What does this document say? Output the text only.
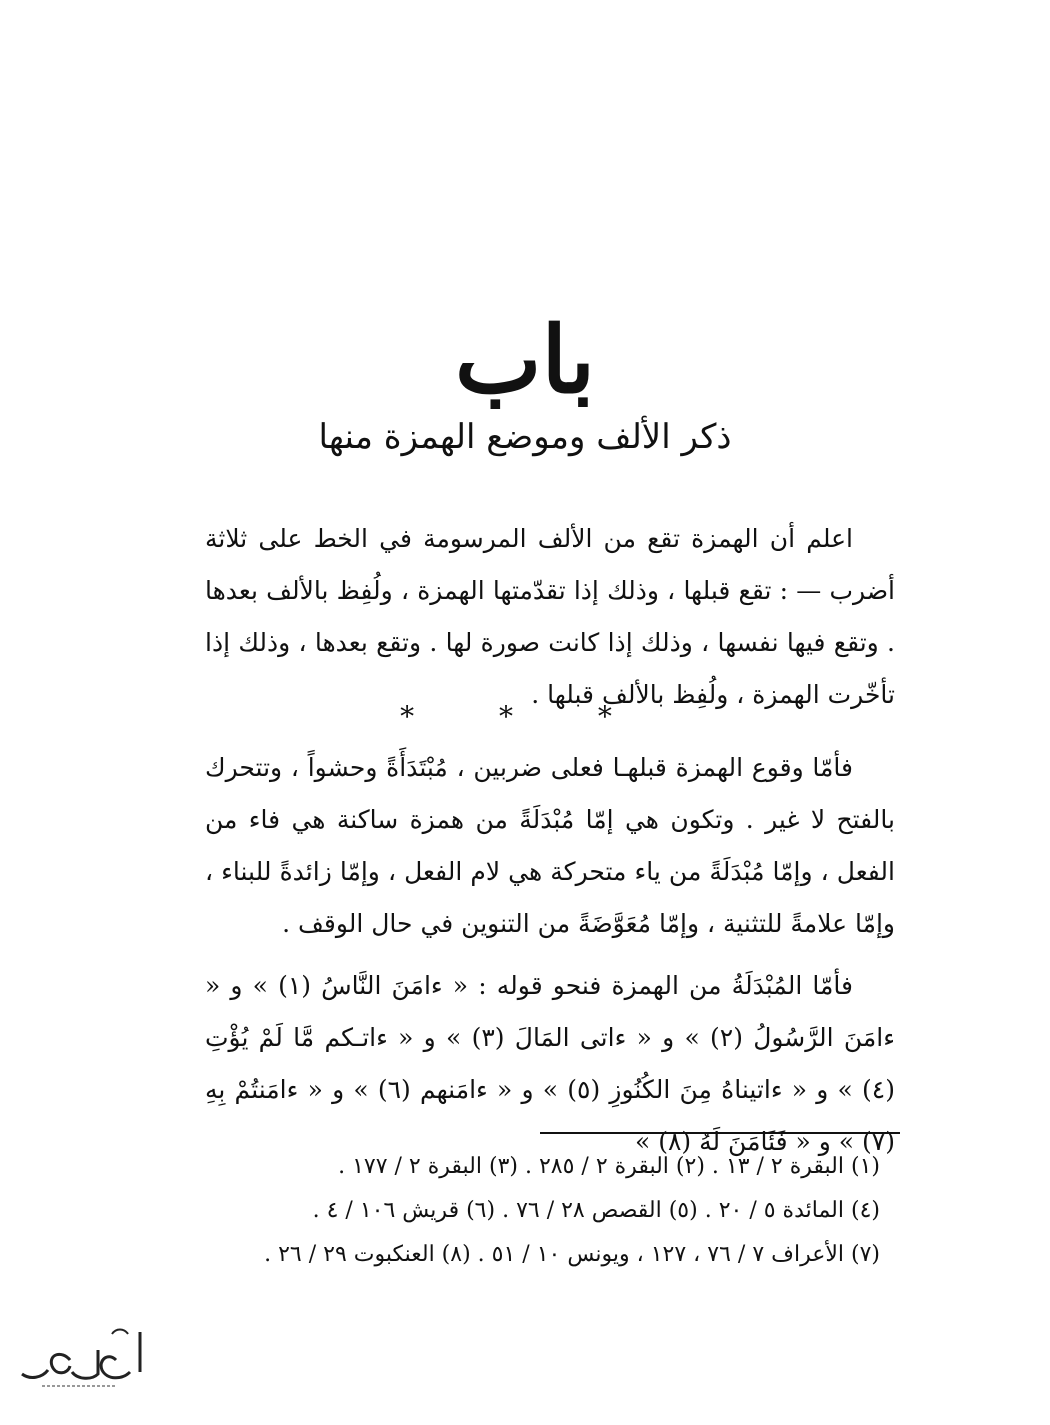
باب
ذكر الألف وموضع الهمزة منها

اعلم أن الهمزة تقع من الألف المرسومة في الخط على ثلاثة أضرب — : تقع قبلها ، وذلك إذا تقدّمتها الهمزة ، ولُفِظ بالألف بعدها . وتقع فيها نفسها ، وذلك إذا كانت صورة لها . وتقع بعدها ، وذلك إذا تأخّرت الهمزة ، ولُفِظ بالألف قبلها .

* * *

فأمّا وقوع الهمزة قبلهـا فعلى ضربين ، مُبْتَدَأَةً وحشواً ، وتتحرك بالفتح لا غير . وتكون هي إمّا مُبْدَلَةً من همزة ساكنة هي فاء من الفعل ، وإمّا مُبْدَلَةً من ياء متحركة هي لام الفعل ، وإمّا زائدةً للبناء ، وإمّا علامةً للتثنية ، وإمّا مُعَوَّضَةً من التنوين في حال الوقف .

فأمّا المُبْدَلَةُ من الهمزة فنحو قوله : « ءامَنَ النَّاسُ (١) » و « ءامَنَ الرَّسُولُ (٢) » و « ءاتى المَالَ (٣) » و « ءاتـكم مَّا لَمْ يُؤْتِ (٤) » و « ءاتيناهُ مِنَ الكُنُوزِ (٥) » و « ءامَنهم (٦) » و « ءامَنتُمْ بِهِ (٧) » و « فَئَامَنَ لَهُ (٨) »

(١) البقرة ٢ / ١٣ . (٢) البقرة ٢ / ٢٨٥ . (٣) البقرة ٢ / ١٧٧ .
(٤) المائدة ٥ / ٢٠ . (٥) القصص ٢٨ / ٧٦ . (٦) قريش ١٠٦ / ٤ .
(٧) الأعراف ٧ / ٧٦ ، ١٢٧ ، ويونس ١٠ / ٥١ . (٨) العنكبوت ٢٩ / ٢٦ .
